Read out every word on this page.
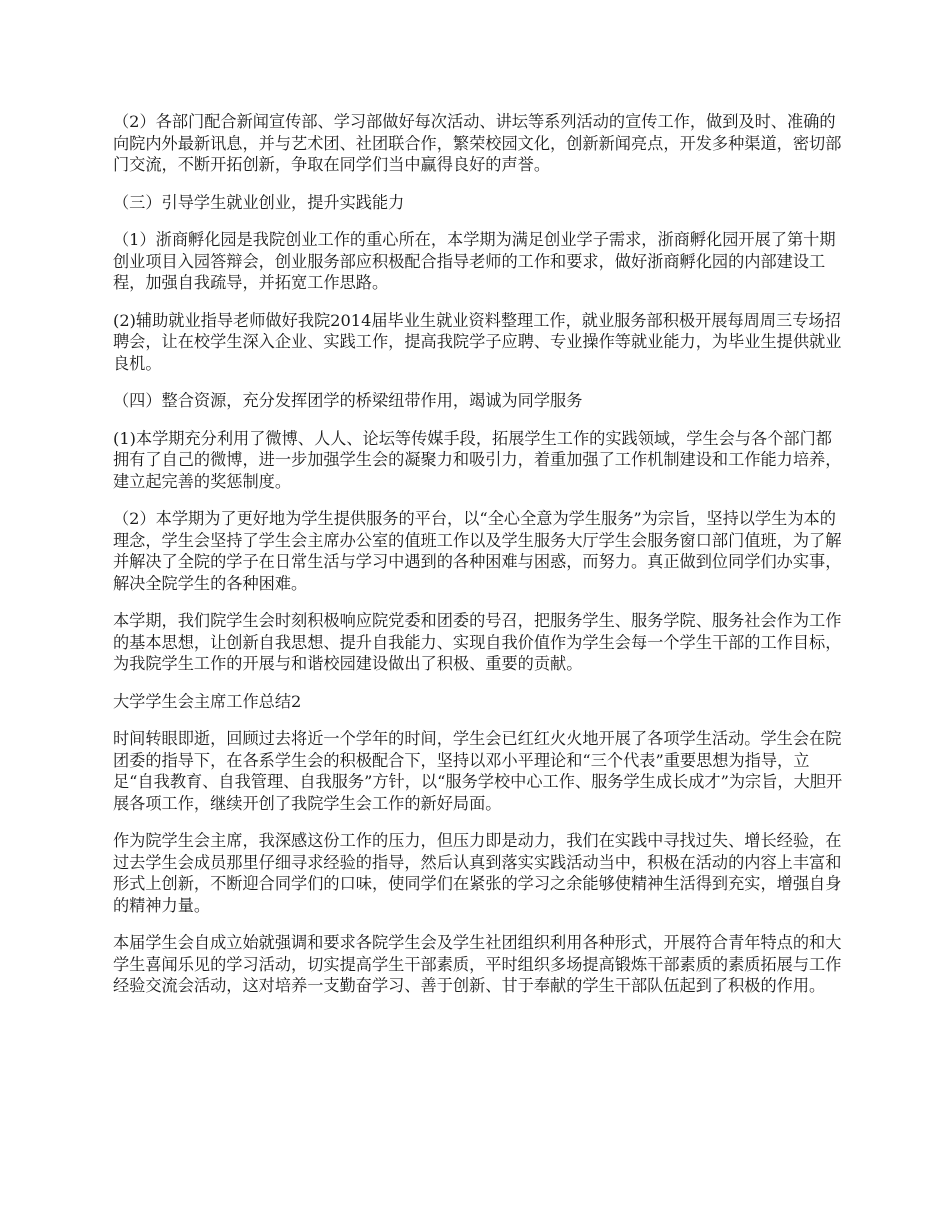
（2）各部门配合新闻宣传部、学习部做好每次活动、讲坛等系列活动的宣传工作，做到及时、准确的向院内外最新讯息，并与艺术团、社团联合作，繁荣校园文化，创新新闻亮点，开发多种渠道，密切部门交流，不断开拓创新，争取在同学们当中赢得良好的声誉。

（三）引导学生就业创业，提升实践能力

（1）浙商孵化园是我院创业工作的重心所在，本学期为满足创业学子需求，浙商孵化园开展了第十期创业项目入园答辩会，创业服务部应积极配合指导老师的工作和要求，做好浙商孵化园的内部建设工程，加强自我疏导，并拓宽工作思路。

(2)辅助就业指导老师做好我院2014届毕业生就业资料整理工作，就业服务部积极开展每周周三专场招聘会，让在校学生深入企业、实践工作，提高我院学子应聘、专业操作等就业能力，为毕业生提供就业良机。

（四）整合资源，充分发挥团学的桥梁纽带作用，竭诚为同学服务

(1)本学期充分利用了微博、人人、论坛等传媒手段，拓展学生工作的实践领域，学生会与各个部门都拥有了自己的微博，进一步加强学生会的凝聚力和吸引力，着重加强了工作机制建设和工作能力培养，建立起完善的奖惩制度。

（2）本学期为了更好地为学生提供服务的平台，以“全心全意为学生服务”为宗旨，坚持以学生为本的理念，学生会坚持了学生会主席办公室的值班工作以及学生服务大厅学生会服务窗口部门值班，为了解并解决了全院的学子在日常生活与学习中遇到的各种困难与困惑，而努力。真正做到位同学们办实事，解决全院学生的各种困难。

本学期，我们院学生会时刻积极响应院党委和团委的号召，把服务学生、服务学院、服务社会作为工作的基本思想，让创新自我思想、提升自我能力、实现自我价值作为学生会每一个学生干部的工作目标，为我院学生工作的开展与和谐校园建设做出了积极、重要的贡献。

大学学生会主席工作总结2

时间转眼即逝，回顾过去将近一个学年的时间，学生会已红红火火地开展了各项学生活动。学生会在院团委的指导下，在各系学生会的积极配合下，坚持以邓小平理论和“三个代表”重要思想为指导，立足“自我教育、自我管理、自我服务”方针，以“服务学校中心工作、服务学生成长成才”为宗旨，大胆开展各项工作，继续开创了我院学生会工作的新好局面。

作为院学生会主席，我深感这份工作的压力，但压力即是动力，我们在实践中寻找过失、增长经验，在过去学生会成员那里仔细寻求经验的指导，然后认真到落实实践活动当中，积极在活动的内容上丰富和形式上创新，不断迎合同学们的口味，使同学们在紧张的学习之余能够使精神生活得到充实，增强自身的精神力量。

本届学生会自成立始就强调和要求各院学生会及学生社团组织利用各种形式，开展符合青年特点的和大学生喜闻乐见的学习活动，切实提高学生干部素质，平时组织多场提高锻炼干部素质的素质拓展与工作经验交流会活动，这对培养一支勤奋学习、善于创新、甘于奉献的学生干部队伍起到了积极的作用。
